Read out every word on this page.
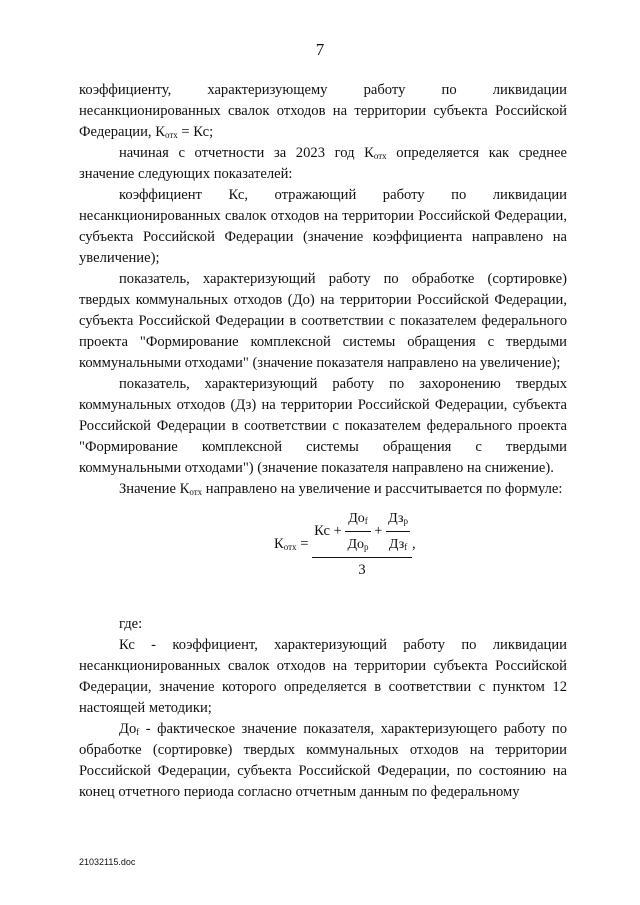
7

коэффициенту, характеризующему работу по ликвидации несанкционированных свалок отходов на территории субъекта Российской Федерации, $К_{отх}$ = Кс;

начиная с отчетности за 2023 год $К_{отх}$ определяется как среднее значение следующих показателей:

коэффициент Кс, отражающий работу по ликвидации несанкционированных свалок отходов на территории Российской Федерации, субъекта Российской Федерации (значение коэффициента направлено на увеличение);

показатель, характеризующий работу по обработке (сортировке) твердых коммунальных отходов (До) на территории Российской Федерации, субъекта Российской Федерации в соответствии с показателем федерального проекта "Формирование комплексной системы обращения с твердыми коммунальными отходами" (значение показателя направлено на увеличение);

показатель, характеризующий работу по захоронению твердых коммунальных отходов (Дз) на территории Российской Федерации, субъекта Российской Федерации в соответствии с показателем федерального проекта "Формирование комплексной системы обращения с твердыми коммунальными отходами") (значение показателя направлено на снижение).

Значение $К_{отх}$ направлено на увеличение и рассчитывается по формуле:

$К_{отх}$ =
Кс + $\frac{До_f}{До_p} + \frac{Дз_p}{Дз_f}$
3
,

где:

Кс - коэффициент, характеризующий работу по ликвидации несанкционированных свалок отходов на территории субъекта Российской Федерации, значение которого определяется в соответствии с пунктом 12 настоящей методики;

$До_f$ - фактическое значение показателя, характеризующего работу по обработке (сортировке) твердых коммунальных отходов на территории Российской Федерации, субъекта Российской Федерации, по состоянию на конец отчетного периода согласно отчетным данным по федеральному

21032115.doc
